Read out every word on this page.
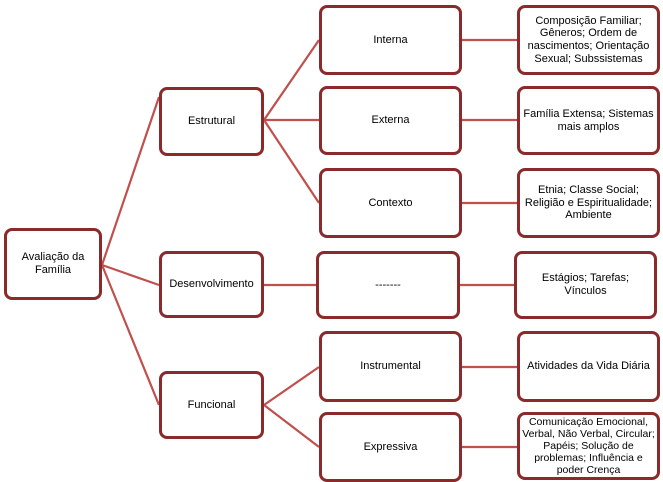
Avaliação da Família
Estrutural
Desenvolvimento
Funcional
Interna
Externa
Contexto
-------
Instrumental
Expressiva
Composição Familiar; Gêneros; Ordem de nascimentos; Orientação Sexual; Subssistemas
Família Extensa; Sistemas mais amplos
Etnia; Classe Social; Religião e Espiritualidade; Ambiente
Estágios; Tarefas; Vínculos
Atividades da Vida Diária
Comunicação Emocional, Verbal, Não Verbal, Circular; Papéis; Solução de problemas; Influência e poder Crença
